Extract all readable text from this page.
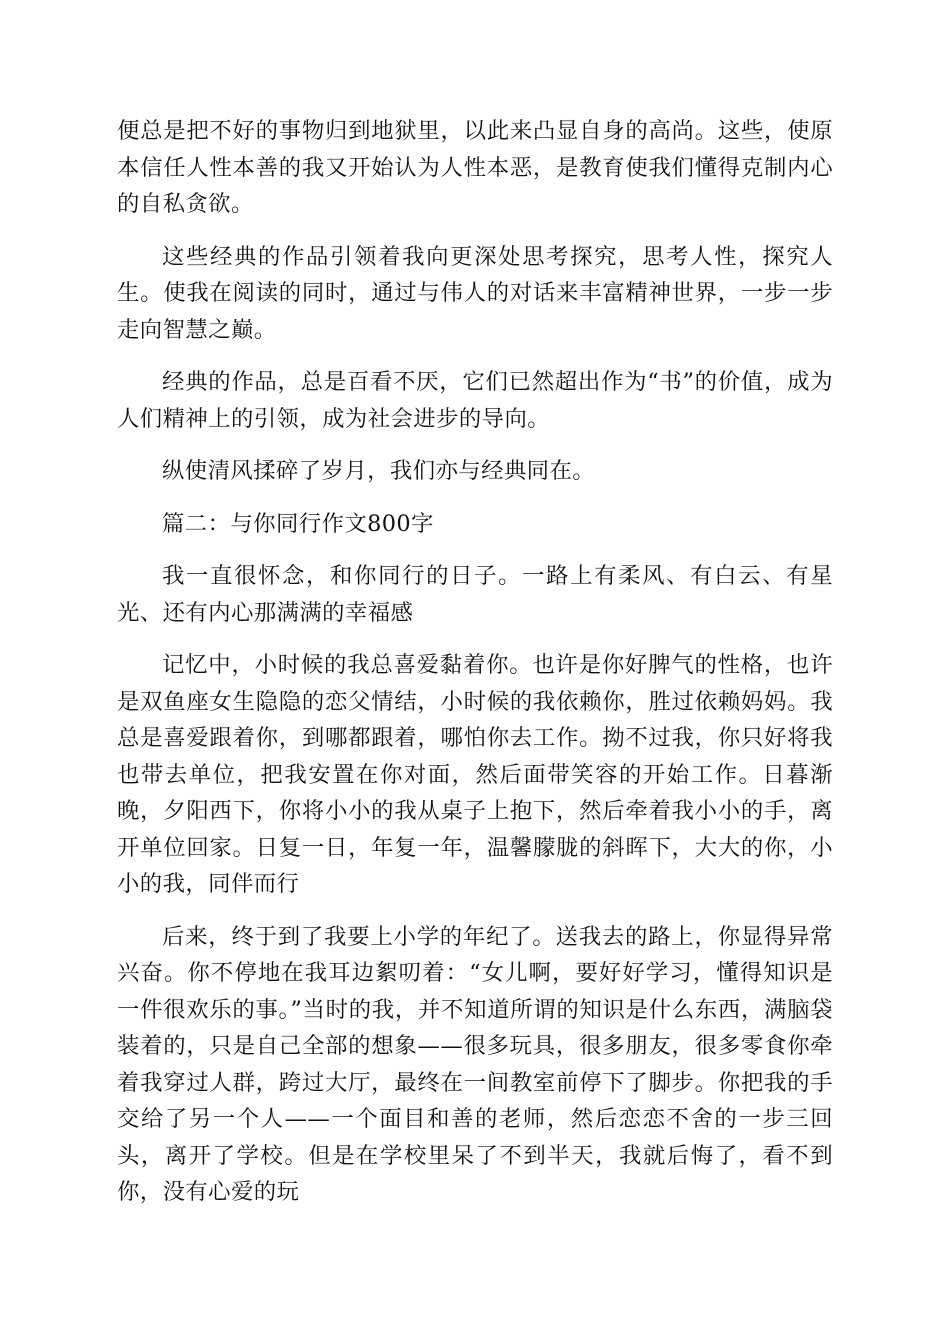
便总是把不好的事物归到地狱里，以此来凸显自身的高尚。这些，使原本信任人性本善的我又开始认为人性本恶，是教育使我们懂得克制内心的自私贪欲。

这些经典的作品引领着我向更深处思考探究，思考人性，探究人生。使我在阅读的同时，通过与伟人的对话来丰富精神世界，一步一步走向智慧之巅。

经典的作品，总是百看不厌，它们已然超出作为“书”的价值，成为人们精神上的引领，成为社会进步的导向。

纵使清风揉碎了岁月，我们亦与经典同在。

篇二：与你同行作文800字

我一直很怀念，和你同行的日子。一路上有柔风、有白云、有星光、还有内心那满满的幸福感

记忆中，小时候的我总喜爱黏着你。也许是你好脾气的性格，也许是双鱼座女生隐隐的恋父情结，小时候的我依赖你，胜过依赖妈妈。我总是喜爱跟着你，到哪都跟着，哪怕你去工作。拗不过我，你只好将我也带去单位，把我安置在你对面，然后面带笑容的开始工作。日暮渐晚，夕阳西下，你将小小的我从桌子上抱下，然后牵着我小小的手，离开单位回家。日复一日，年复一年，温馨朦胧的斜晖下，大大的你，小小的我，同伴而行

后来，终于到了我要上小学的年纪了。送我去的路上，你显得异常兴奋。你不停地在我耳边絮叨着：“女儿啊，要好好学习，懂得知识是一件很欢乐的事。”当时的我，并不知道所谓的知识是什么东西，满脑袋装着的，只是自己全部的想象——很多玩具，很多朋友，很多零食你牵着我穿过人群，跨过大厅，最终在一间教室前停下了脚步。你把我的手交给了另一个人——一个面目和善的老师，然后恋恋不舍的一步三回头，离开了学校。但是在学校里呆了不到半天，我就后悔了，看不到你，没有心爱的玩
